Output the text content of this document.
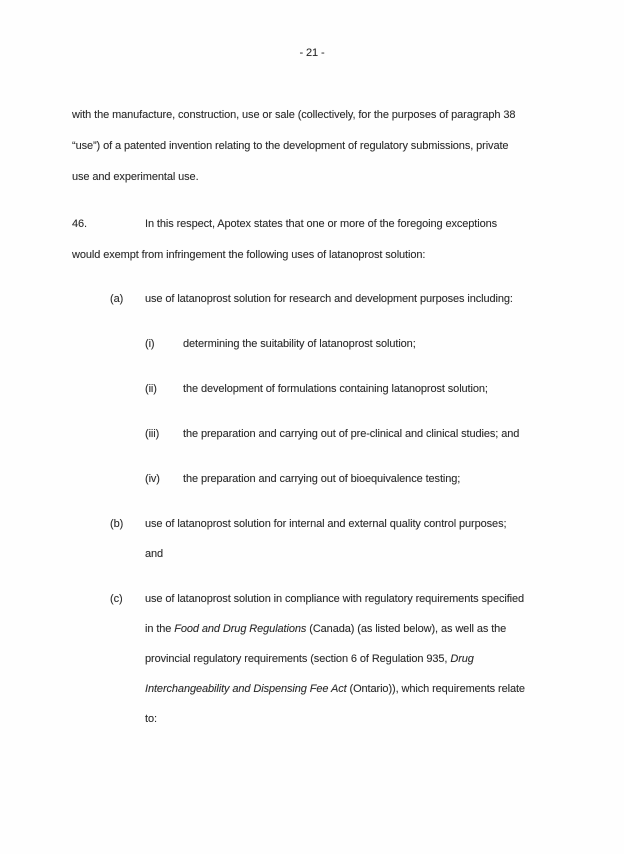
- 21 -
with the manufacture, construction, use or sale (collectively, for the purposes of paragraph 38
“use”) of a patented invention relating to the development of regulatory submissions, private
use and experimental use.
46.	In this respect, Apotex states that one or more of the foregoing exceptions
would exempt from infringement the following uses of latanoprost solution:
(a)	use of latanoprost solution for research and development purposes including:
(i)	determining the suitability of latanoprost solution;
(ii)	the development of formulations containing latanoprost solution;
(iii)	the preparation and carrying out of pre-clinical and clinical studies; and
(iv)	the preparation and carrying out of bioequivalence testing;
(b)	use of latanoprost solution for internal and external quality control purposes;
and
(c)	use of latanoprost solution in compliance with regulatory requirements specified
in the Food and Drug Regulations (Canada) (as listed below), as well as the
provincial regulatory requirements (section 6 of Regulation 935, Drug
Interchangeability and Dispensing Fee Act (Ontario)), which requirements relate
to:
